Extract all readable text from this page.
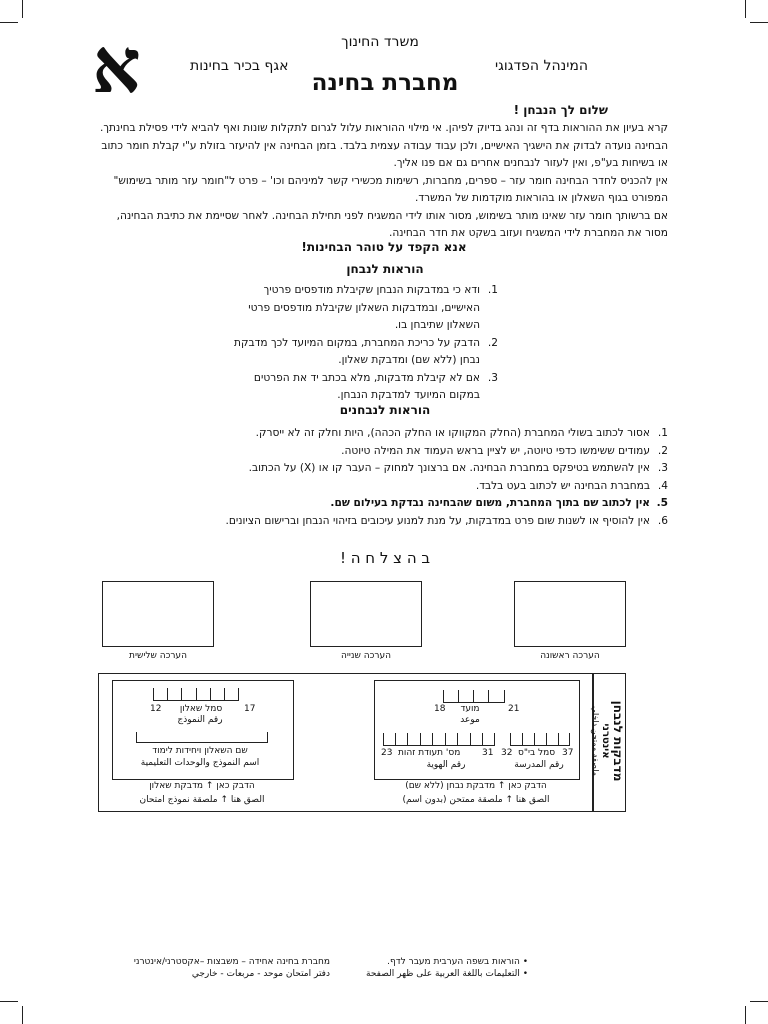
א	משרד החינוך
המינהל הפדגוגי
אגף בכיר בחינות
מחברת בחינה
שלום לך הנבחן !
קרא בעיון את ההוראות בדף זה ונהג בדיוק לפיהן. אי מילוי ההוראות עלול לגרום לתקלות שונות ואף להביא לידי פסילת בחינתך. הבחינה נועדה לבדוק את הישגיך האישיים, ולכן עבוד עבודה עצמית בלבד. בזמן הבחינה אין להיעזר בזולת ע"י קבלת חומר כתוב או בשיחות בע"פ, ואין לעזור לנבחנים אחרים גם אם פנו אליך.
אין להכניס לחדר הבחינה חומר עזר – ספרים, מחברות, רשימות מכשירי קשר למיניהם וכו' – פרט ל"חומר עזר מותר בשימוש" המפורט בגוף השאלון או בהוראות מוקדמות של המשרד.
אם ברשותך חומר עזר שאינו מותר בשימוש, מסור אותו לידי המשגיח לפני תחילת הבחינה. לאחר שסיימת את כתיבת הבחינה, מסור את המחברת לידי המשגיח ועזוב בשקט את חדר הבחינה.
אנא הקפד על טוהר הבחינות!
הוראות לנבחן
1.
ודא כי במדבקות הנבחן שקיבלת מודפסים פרטיך האישיים, ובמדבקות השאלון שקיבלת מודפסים פרטי השאלון שתיבחן בו.
2.
הדבק על כריכת המחברת, במקום המיועד לכך מדבקת נבחן (ללא שם) ומדבקת שאלון.
3.
אם לא קיבלת מדבקות, מלא בכתב יד את הפרטים במקום המיועד למדבקת הנבחן.
הוראות לנבחנים
1.
אסור לכתוב בשולי המחברת (החלק המקווקו או החלק הכהה), היות וחלק זה לא ייסרק.
2.
עמודים ששימשו כדפי טיוטה, יש לציין בראש העמוד את המילה טיוטה.
3.
אין להשתמש בטיפקס במחברת הבחינה. אם ברצונך למחוק – העבר קו או (X) על הכתוב.
4.
במחברת הבחינה יש לכתוב בעט בלבד.
5.
אין לכתוב שם בתוך המחברת, משום שהבחינה נבדקת בעילום שם.
6.
אין להוסיף או לשנות שום פרט במדבקות, על מנת למנוע עיכובים בזיהוי הנבחן וברישום הציונים.
ב ה צ ל ח ה !
הערכה ראשונה
הערכה שנייה
הערכה שלישית
מדבקות לנבחן
אינטרני
ملصقة ممتحن داخلي
18	21
מועד
موعد
37
סמל בי"ס
32
31
מס' תעודת זהות
23
رقم المدرسة
رقم الهوية
הדבק כאן ↑ מדבקת נבחן (ללא שם)
الصق هنا ↑ ملصقة ممتحن (بدون اسم)
17
סמל שאלון
12
رقم النموذج
שם השאלון ויחידות לימוד
اسم النموذج والوحدات التعليمية
הדבק כאן ↑ מדבקת שאלון
الصق هنا ↑ ملصقة نموذج امتحان
• הוראות בשפה הערבית מעבר לדף.
• التعليمات باللغة العربية على ظهر الصفحة
מחברת בחינה אחידה – משבצות –אקסטרני/אינטרני
دفتر امتحان موحد - مربعات - خارجي
